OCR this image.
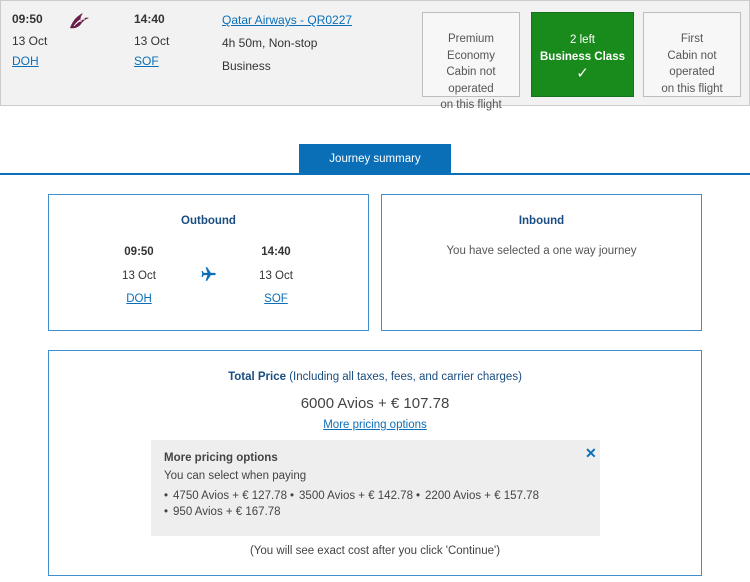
09:50
13 Oct
DOH
14:40
13 Oct
SOF
Qatar Airways - QR0227
4h 50m, Non-stop
Business
Premium Economy
Cabin not operated
on this flight
2 left
Business Class
✓
First
Cabin not operated
on this flight
Journey summary
Outbound
09:50
13 Oct
DOH
14:40
13 Oct
SOF
Inbound
You have selected a one way journey
Total Price (Including all taxes, fees, and carrier charges)
6000 Avios + € 107.78
More pricing options
More pricing options
You can select when paying
✕
• 4750 Avios + € 127.78	• 3500 Avios + € 142.78	• 2200 Avios + € 157.78
• 950 Avios + € 167.78
(You will see exact cost after you click 'Continue')
